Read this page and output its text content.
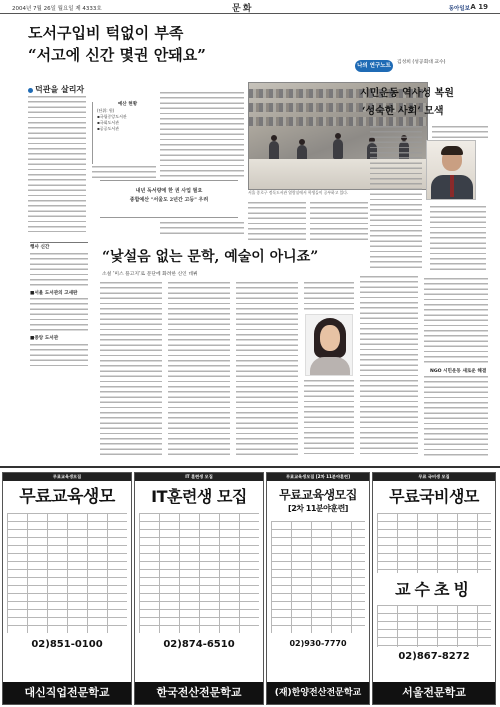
2004년 7월 26일 월요일 제 4333호	문화	동아일보 A 19
도서구입비 턱없이 부족
“서고에 신간 몇권 안돼요”
덕관을 살리자
예산 현황
(단위: 원)
▪국립중앙도서관
▪국회도서관
▪공공도서관
내년 독서량에 한 권 사업 필요
종합예산 "서울도 2년간 고등" 우려
서울 종로구 정독도서관 열람실에서 학생들이 공부하고 있다.
나의 연구노트
김성희 (성공회대 교수)
시민운동 역사성 복원
‘성숙한 사회’ 모색
행사 신간
■서울 도서관의 고새판
■중앙 도서관
“낯설음 없는 문학, 예술이 아니죠”
소설 ‘미스 플고지’로 문단에 화려한 신인 데뷔
NGO 시민운동 새로운 해결
무료교육생모집
무료교육생모
02)851-0100
대신직업전문학교
IT 훈련생 모집
IT훈련생 모집
02)874-6510
한국전산전문학교
무료교육생모집 [2차 11분야훈련]
무료교육생모집
[2차 11분야훈련]
02)930-7770
(재)한양전산전문학교
무료 국비생 모집
무료국비생모
교수초빙
02)867-8272
서울전문학교
